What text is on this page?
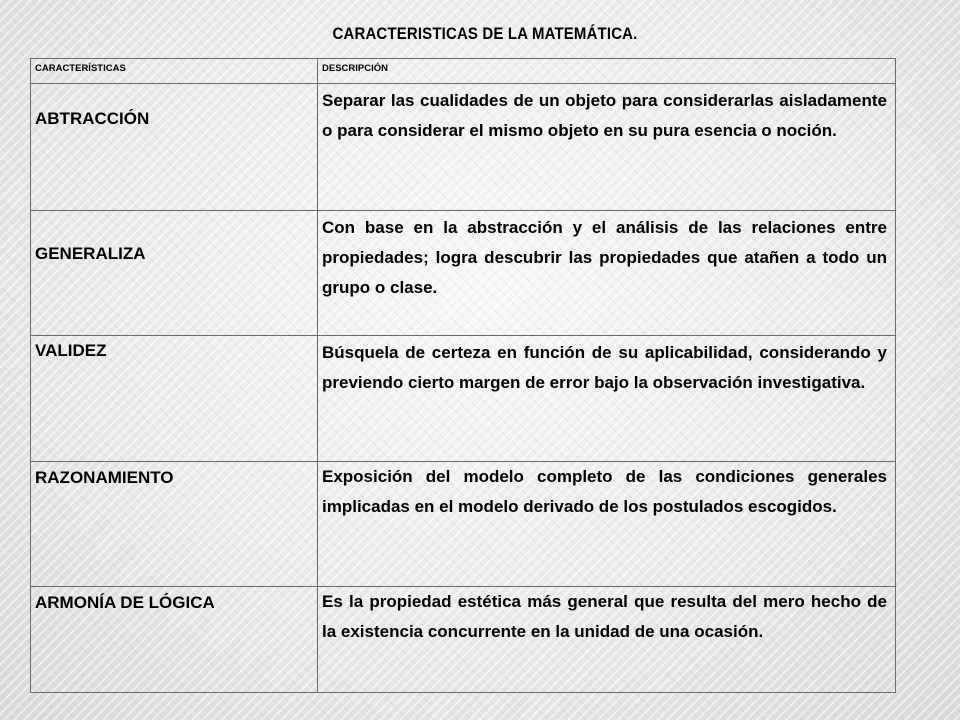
CARACTERISTICAS DE LA MATEMÁTICA.
CARACTERÍSTICAS	DESCRIPCIÓN
ABTRACCIÓN	Separar las cualidades de un objeto para considerarlas aisladamente o para considerar el mismo objeto en su pura esencia o noción.
GENERALIZA	Con base en la abstracción y el análisis de las relaciones entre propiedades; logra descubrir las propiedades que atañen a todo un grupo o clase.
VALIDEZ	Búsquela de certeza en función de su aplicabilidad, considerando y previendo cierto margen de error bajo la observación investigativa.
RAZONAMIENTO	Exposición del modelo completo de las condiciones generales implicadas en el modelo derivado de los postulados escogidos.
ARMONÍA DE LÓGICA	Es la propiedad estética más general que resulta del mero hecho de la existencia concurrente en la unidad de una ocasión.
